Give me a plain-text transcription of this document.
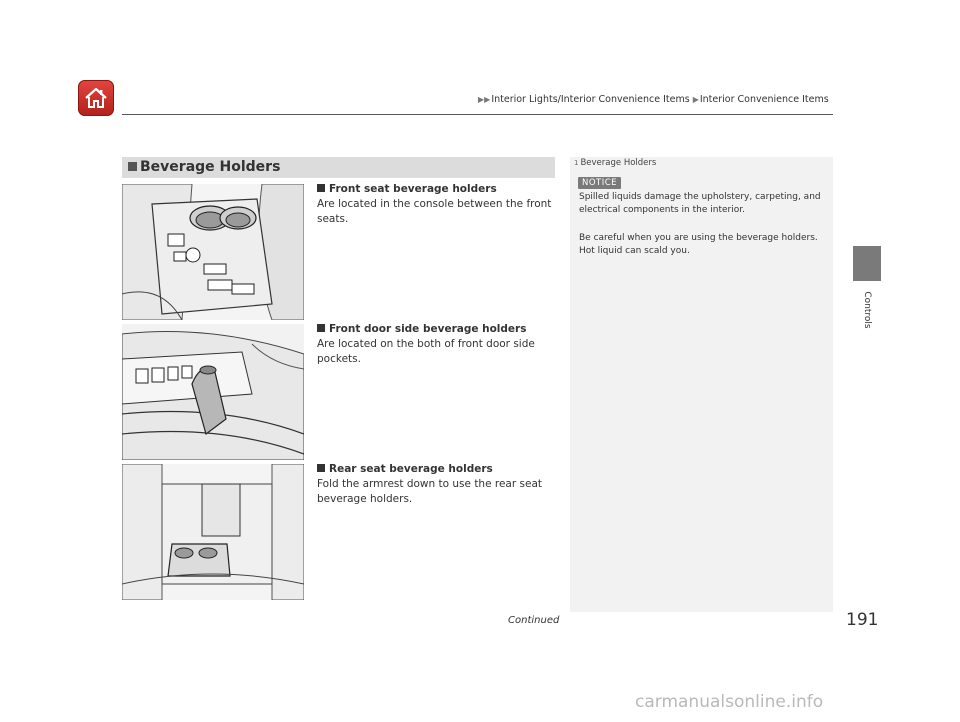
▶▶Interior Lights/Interior Convenience Items ▶Interior Convenience Items
Controls
Beverage Holders
Front seat beverage holders
Are located in the console between the front seats.
Front door side beverage holders
Are located on the both of front door side pockets.
Rear seat beverage holders
Fold the armrest down to use the rear seat beverage holders.
1 Beverage Holders
NOTICE
Spilled liquids damage the upholstery, carpeting, and electrical components in the interior.
Be careful when you are using the beverage holders. Hot liquid can scald you.
Continued	191
carmanualsonline.info
